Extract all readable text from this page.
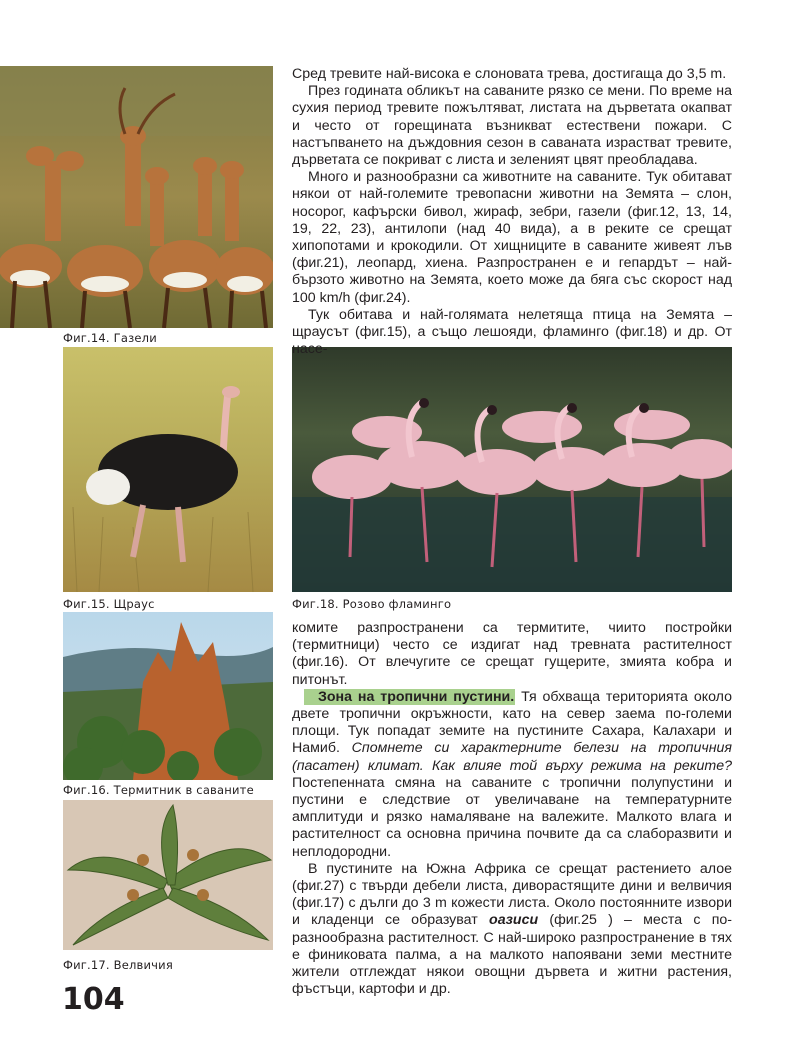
Фиг.14. Газели
Фиг.15. Щраус	Фиг.18. Розово фламинго
Фиг.16. Термитник в саваните
Фиг.17. Велвичия

Сред тревите най-висока е слоновата трева, достигаща до 3,5 m.

През годината обликът на саваните рязко се мени. По време на сухия период тревите пожълтяват, листата на дърветата окапват и често от горещината възникват естествени пожари. С настъпването на дъждовния сезон в саваната израстват тревите, дърветата се покриват с листа и зеленият цвят преобладава.

Много и разнообразни са животните на саваните. Тук обитават някои от най-големите тревопасни животни на Земята – слон, носорог, кафърски бивол, жираф, зебри, газели (фиг.12, 13, 14, 19, 22, 23), антилопи (над 40 вида), а в реките се срещат хипопотами и крокодили. От хищниците в саваните живеят лъв (фиг.21), леопард, хиена. Разпространен е и гепардът – най-бързото животно на Земята, което може да бяга със скорост над 100 km/h (фиг.24).

Тук обитава и най-голямата нелетяща птица на Земята – щраусът (фиг.15), а също лешояди, фламинго (фиг.18) и др. От насе-

комите разпространени са термитите, чиито постройки (термитници) често се издигат над тревната растителност (фиг.16). От влечугите се срещат гущерите, змията кобра и питонът.

Зона на тропични пустини. Тя обхваща територията около двете тропични окръжности, като на север заема по-големи площи. Тук попадат земите на пустините Сахара, Калахари и Намиб. Спомнете си характерните белези на тропичния (пасатен) климат. Как влияе той върху режима на реките? Постепенната смяна на саваните с тропични полупустини и пустини е следствие от увеличаване на температурните амплитуди и рязко намаляване на валежите. Малкото влага и растителност са основна причина почвите да са слаборазвити и неплодородни.

В пустините на Южна Африка се срещат растението алое (фиг.27) с твърди дебели листа, диворастящите дини и велвичия (фиг.17) с дълги до 3 m кожести листа. Около постоянните извори и кладенци се образуват оазиси (фиг.25 ) – места с по-разнообразна растителност. С най-широко разпространение в тях е финиковата палма, а на малкото напоявани земи местните жители отглеждат някои овощни дървета и житни растения, фъстъци, картофи и др.

104
